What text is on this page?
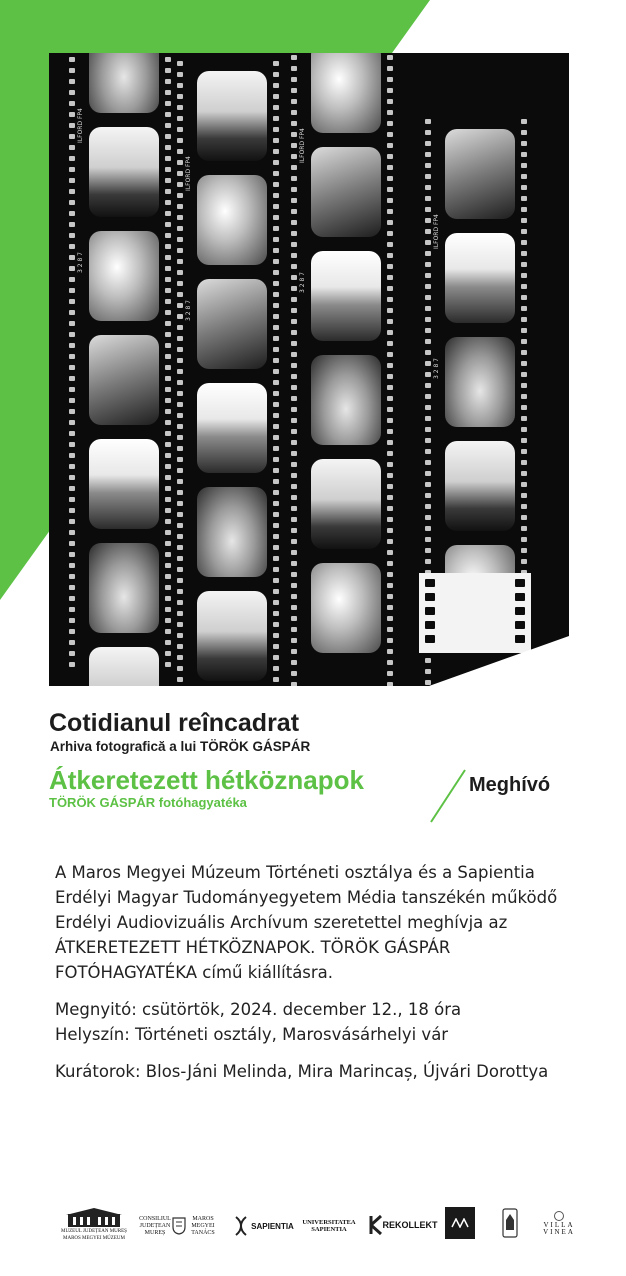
ILFORD FP4
3 2 8 7
ILFORD FP4
3 2 8 7
ILFORD FP4
3 2 8 7
ILFORD FP4
3 2 8 7
Cotidianul reîncadrat

Arhiva fotografică a lui TÖRÖK GÁSPÁR

Átkeretezett hétköznapok

TÖRÖK GÁSPÁR fotóhagyatéka

Meghívó

A Maros Megyei Múzeum Történeti osztálya és a Sapientia Erdélyi Magyar Tudományegyetem Média tanszékén működő Erdélyi Audiovizuális Archívum szeretettel meghívja az ÁTKERETEZETT HÉTKÖZNAPOK. TÖRÖK GÁSPÁR FOTÓHAGYATÉKA című kiállításra.

Megnyitó: csütörtök, 2024. december 12., 18 óra
Helyszín: Történeti osztály, Marosvásárhelyi vár

Kurátorok: Blos-Jáni Melinda, Mira Marincaș, Újvári Dorottya

MUZEUL JUDEȚEAN MUREȘ
MAROS MEGYEI MÚZEUM
CONSILIUL JUDEȚEAN MUREȘ
MAROS MEGYEI TANÁCS
SAPIENTIA	UNIVERSITATEA SAPIENTIA	REKOLLEKT	VILLA VINEA
